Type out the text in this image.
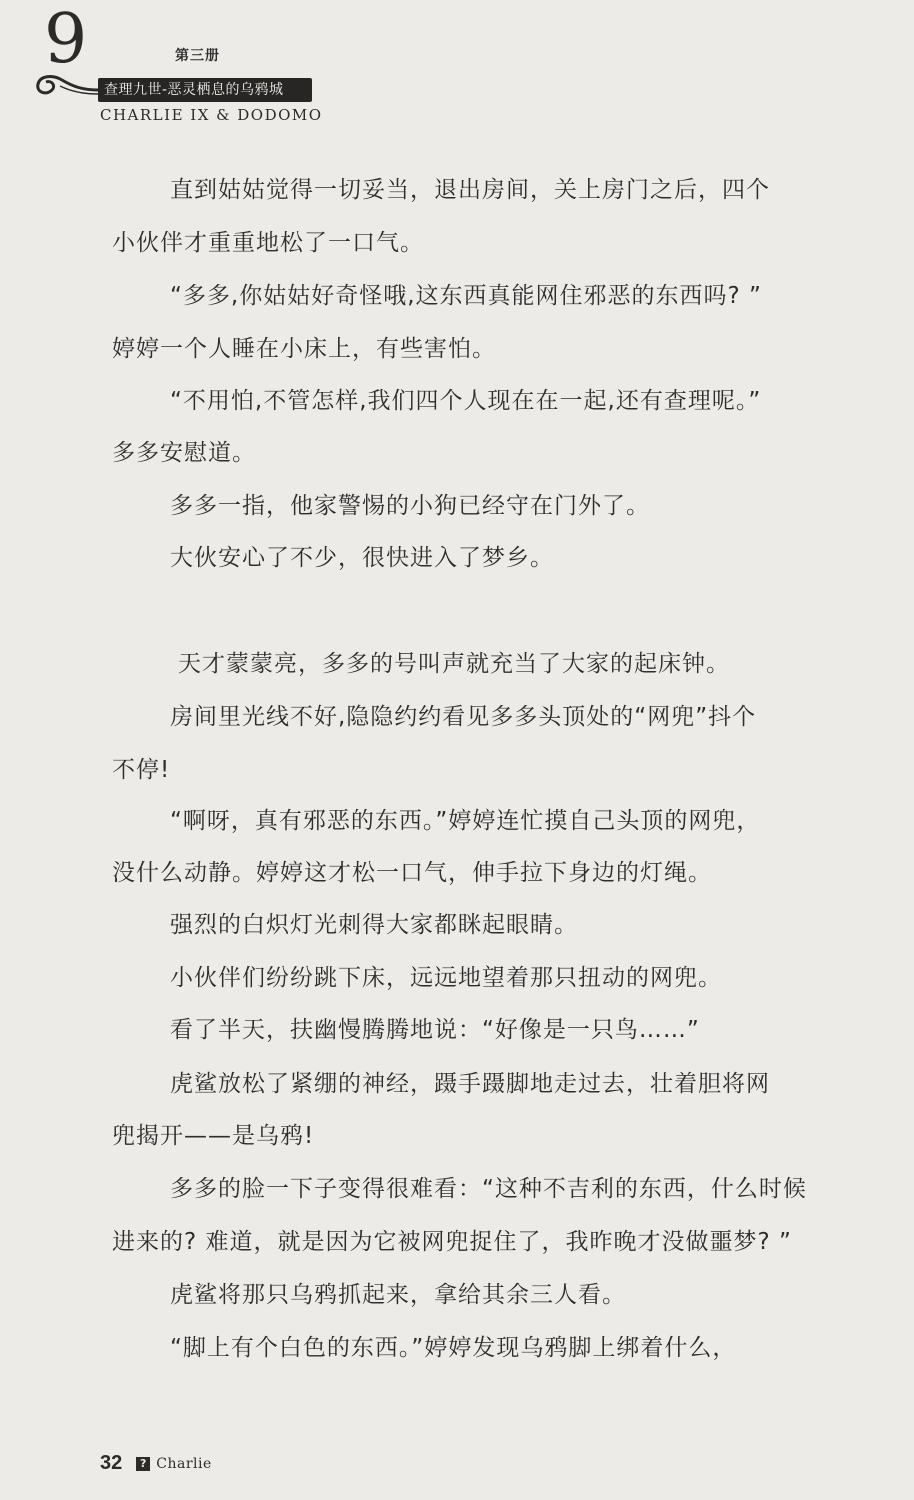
9	第三册
查理九世-恶灵栖息的乌鸦城
CHARLIE IX & DODOMO
直到姑姑觉得一切妥当，退出房间，关上房门之后，四个
小伙伴才重重地松了一口气。
“多多,你姑姑好奇怪哦,这东西真能网住邪恶的东西吗? ”
婷婷一个人睡在小床上，有些害怕。
“不用怕,不管怎样,我们四个人现在在一起,还有查理呢。”
多多安慰道。
多多一指，他家警惕的小狗已经守在门外了。
大伙安心了不少，很快进入了梦乡。
天才蒙蒙亮，多多的号叫声就充当了大家的起床钟。
房间里光线不好,隐隐约约看见多多头顶处的“网兜”抖个
不停!
“啊呀，真有邪恶的东西。”婷婷连忙摸自己头顶的网兜，
没什么动静。婷婷这才松一口气，伸手拉下身边的灯绳。
强烈的白炽灯光刺得大家都眯起眼睛。
小伙伴们纷纷跳下床，远远地望着那只扭动的网兜。
看了半天，扶幽慢腾腾地说：“好像是一只鸟……”
虎鲨放松了紧绷的神经，蹑手蹑脚地走过去，壮着胆将网
兜揭开——是乌鸦!
多多的脸一下子变得很难看：“这种不吉利的东西，什么时候
进来的? 难道，就是因为它被网兜捉住了，我昨晚才没做噩梦? ”
虎鲨将那只乌鸦抓起来，拿给其余三人看。
“脚上有个白色的东西。”婷婷发现乌鸦脚上绑着什么，
32	? Charlie
